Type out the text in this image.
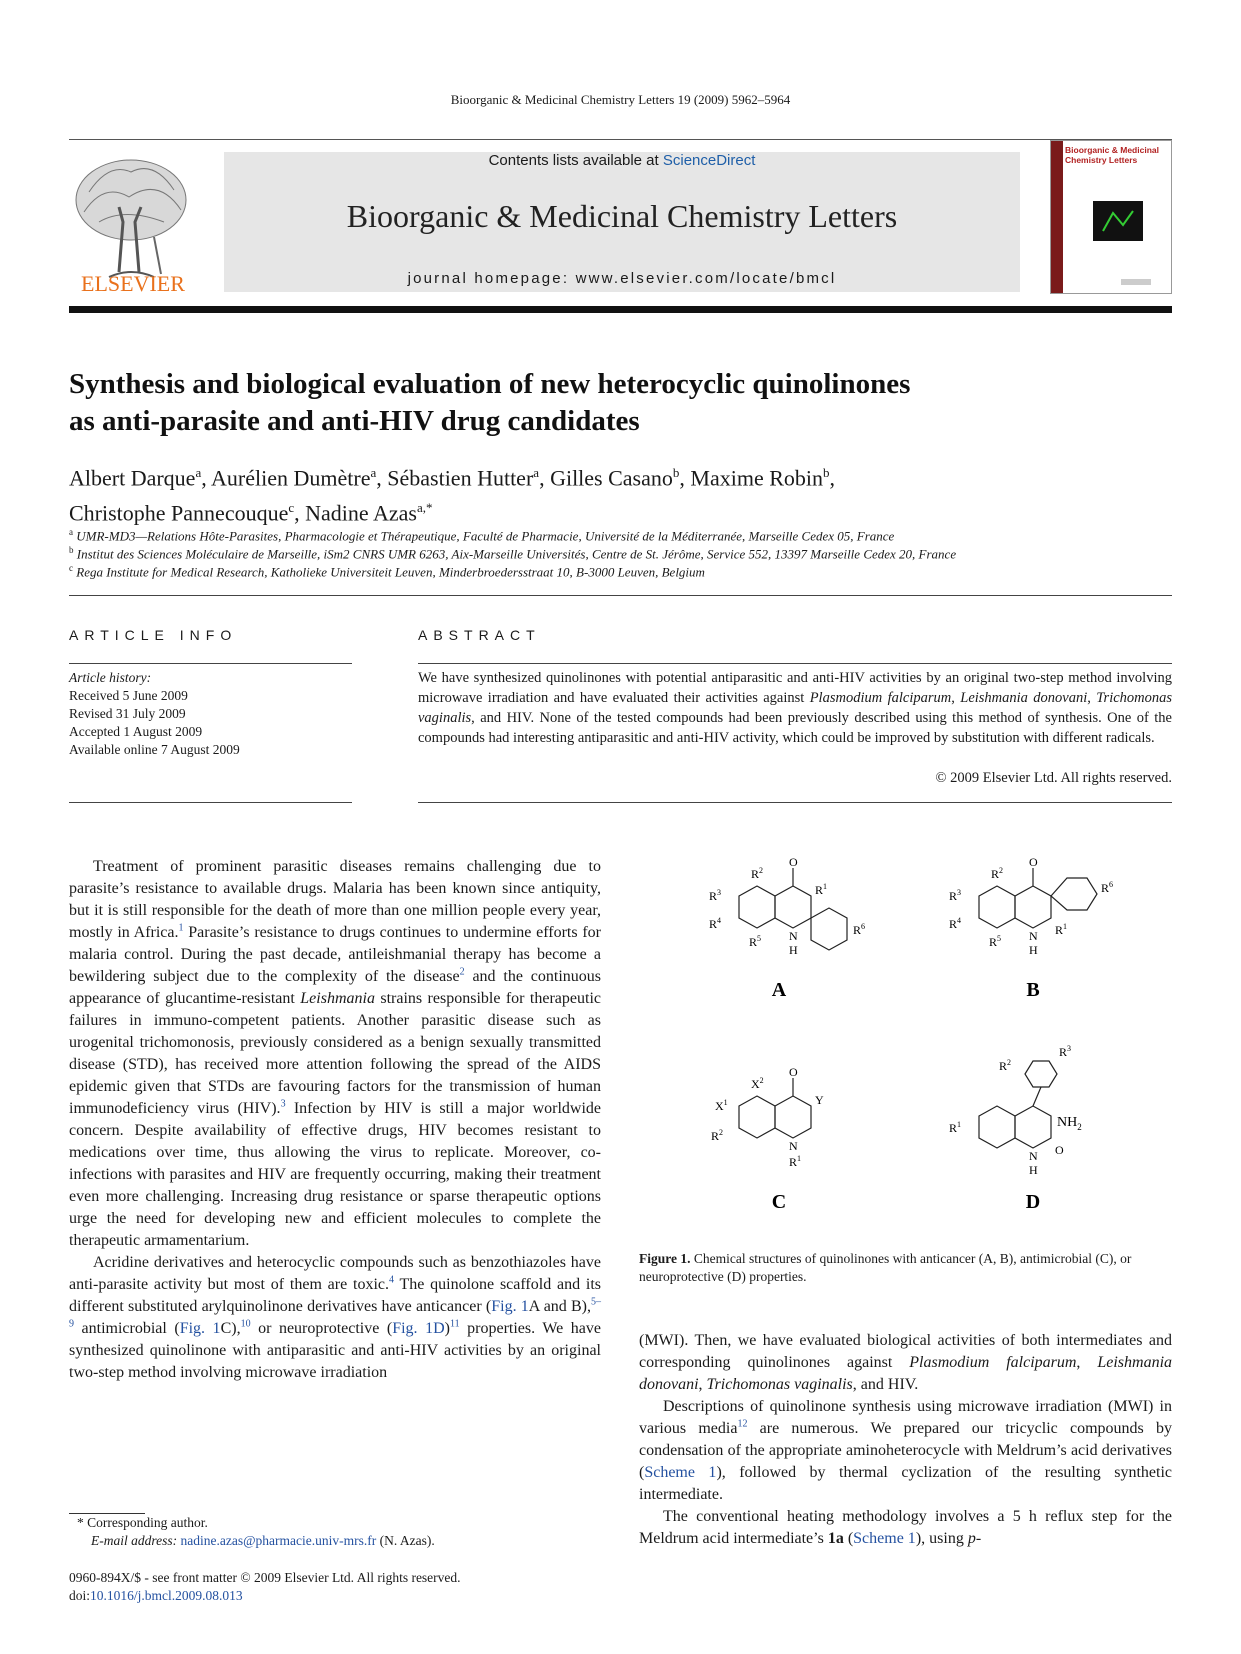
Bioorganic & Medicinal Chemistry Letters 19 (2009) 5962–5964
ELSEVIER
Contents lists available at ScienceDirect
Bioorganic & Medicinal Chemistry Letters
journal homepage: www.elsevier.com/locate/bmcl
Bioorganic & Medicinal Chemistry Letters
Synthesis and biological evaluation of new heterocyclic quinolinones
as anti-parasite and anti-HIV drug candidates
Albert Darque$^a$, Aurélien Dumètre$^a$, Sébastien Hutter$^a$, Gilles Casano$^b$, Maxime Robin$^b$,
Christophe Pannecouque$^c$, Nadine Azas$^{a,*}$
$^a$ UMR-MD3—Relations Hôte-Parasites, Pharmacologie et Thérapeutique, Faculté de Pharmacie, Université de la Méditerranée, Marseille Cedex 05, France
$^b$ Institut des Sciences Moléculaire de Marseille, iSm2 CNRS UMR 6263, Aix-Marseille Universités, Centre de St. Jérôme, Service 552, 13397 Marseille Cedex 20, France
$^c$ Rega Institute for Medical Research, Katholieke Universiteit Leuven, Minderbroedersstraat 10, B-3000 Leuven, Belgium
ARTICLE INFO
Article history:
Received 5 June 2009
Revised 31 July 2009
Accepted 1 August 2009
Available online 7 August 2009
ABSTRACT
We have synthesized quinolinones with potential antiparasitic and anti-HIV activities by an original two-step method involving microwave irradiation and have evaluated their activities against Plasmodium falciparum, Leishmania donovani, Trichomonas vaginalis, and HIV. None of the tested compounds had been previously described using this method of synthesis. One of the compounds had interesting antiparasitic and anti-HIV activity, which could be improved by substitution with different radicals.
© 2009 Elsevier Ltd. All rights reserved.

Treatment of prominent parasitic diseases remains challenging due to parasite’s resistance to available drugs. Malaria has been known since antiquity, but it is still responsible for the death of more than one million people every year, mostly in Africa.$^1$ Parasite’s resistance to drugs continues to undermine efforts for malaria control. During the past decade, antileishmanial therapy has become a bewildering subject due to the complexity of the disease$^2$ and the continuous appearance of glucantime-resistant Leishmania strains responsible for therapeutic failures in immuno-competent patients. Another parasitic disease such as urogenital trichomonosis, previously considered as a benign sexually transmitted disease (STD), has received more attention following the spread of the AIDS epidemic given that STDs are favouring factors for the transmission of human immunodeficiency virus (HIV).$^3$ Infection by HIV is still a major worldwide concern. Despite availability of effective drugs, HIV becomes resistant to medications over time, thus allowing the virus to replicate. Moreover, co-infections with parasites and HIV are frequently occurring, making their treatment even more challenging. Increasing drug resistance or sparse therapeutic options urge the need for developing new and efficient molecules to complete the therapeutic armamentarium.

Acridine derivatives and heterocyclic compounds such as benzothiazoles have anti-parasite activity but most of them are toxic.$^4$ The quinolone scaffold and its different substituted arylquinolinone derivatives have anticancer (Fig. 1A and B),$^{5-9}$ antimicrobial (Fig. 1C),$^{10}$ or neuroprotective (Fig. 1D)$^{11}$ properties. We have synthesized quinolinone with antiparasitic and anti-HIV activities by an original two-step method involving microwave irradiation

O
$R^2$
$R^1$
N
H
$R^6$
$R^3$
$R^4$
$R^5$
O
$R^2$
$R^6$
$R^1$
N
H
$R^3$
$R^4$
$R^5$
O
$X^2$
$X^1$	Y
$R^2$
N
$R^1$
$R^3$
$R^2$
$NH_2$
O
$R^1$
N
H
A	B
C	D
Figure 1. Chemical structures of quinolinones with anticancer (A, B), antimicrobial (C), or neuroprotective (D) properties.

(MWI). Then, we have evaluated biological activities of both intermediates and corresponding quinolinones against Plasmodium falciparum, Leishmania donovani, Trichomonas vaginalis, and HIV.

Descriptions of quinolinone synthesis using microwave irradiation (MWI) in various media$^{12}$ are numerous. We prepared our tricyclic compounds by condensation of the appropriate aminoheterocycle with Meldrum’s acid derivatives (Scheme 1), followed by thermal cyclization of the resulting synthetic intermediate.

The conventional heating methodology involves a 5 h reflux step for the Meldrum acid intermediate’s 1a (Scheme 1), using p-

* Corresponding author.
E-mail address: nadine.azas@pharmacie.univ-mrs.fr (N. Azas).
0960-894X/$ - see front matter © 2009 Elsevier Ltd. All rights reserved.
doi:10.1016/j.bmcl.2009.08.013
